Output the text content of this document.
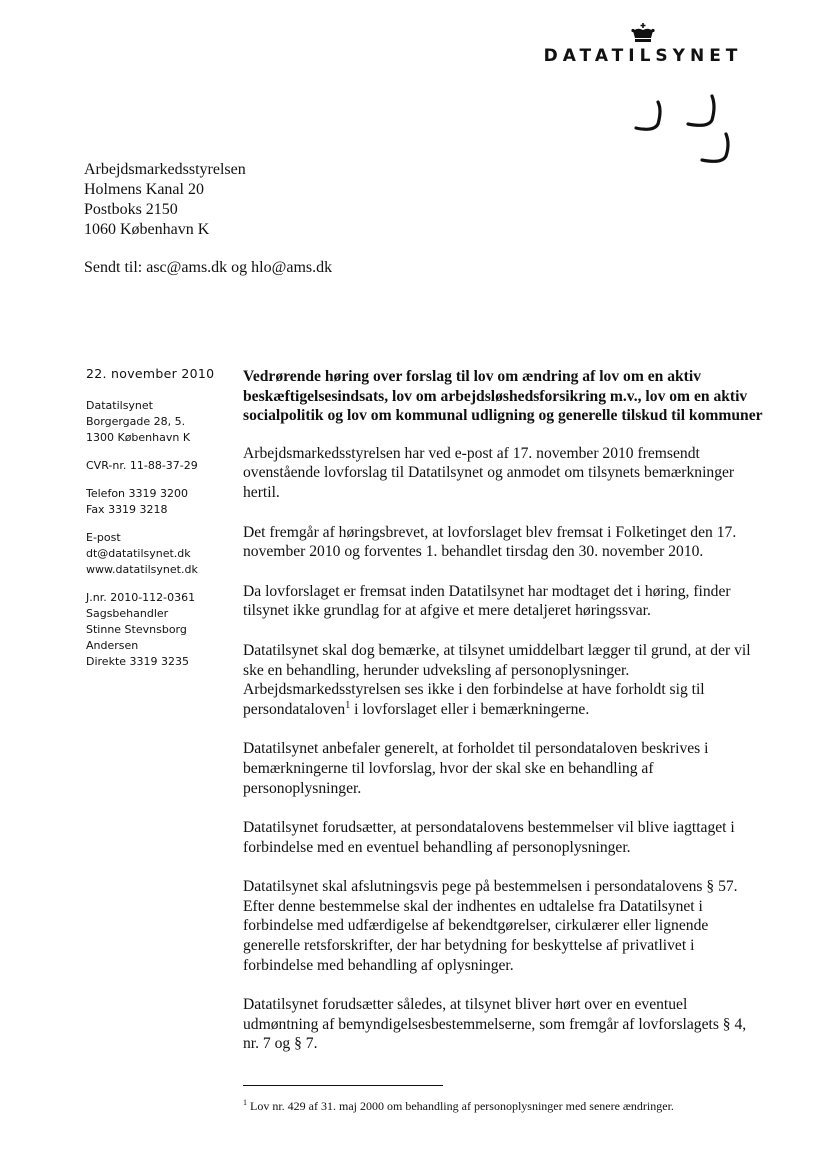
DATATILSYNET
Arbejdsmarkedsstyrelsen
Holmens Kanal 20
Postboks 2150
1060 København K
Sendt til: asc@ams.dk og hlo@ams.dk
22. november 2010
Datatilsynet
Borgergade 28, 5.
1300 København K
CVR-nr. 11-88-37-29
Telefon 3319 3200
Fax 3319 3218
E-post
dt@datatilsynet.dk
www.datatilsynet.dk
J.nr. 2010-112-0361
Sagsbehandler
Stinne Stevnsborg
Andersen
Direkte 3319 3235
Vedrørende høring over forslag til lov om ændring af lov om en aktiv beskæftigelsesindsats, lov om arbejdsløshedsforsikring m.v., lov om en aktiv socialpolitik og lov om kommunal udligning og generelle tilskud til kommuner

Arbejdsmarkedsstyrelsen har ved e-post af 17. november 2010 fremsendt ovenstående lovforslag til Datatilsynet og anmodet om tilsynets bemærkninger hertil.

Det fremgår af høringsbrevet, at lovforslaget blev fremsat i Folketinget den 17. november 2010 og forventes 1. behandlet tirsdag den 30. november 2010.

Da lovforslaget er fremsat inden Datatilsynet har modtaget det i høring, finder tilsynet ikke grundlag for at afgive et mere detaljeret høringssvar.

Datatilsynet skal dog bemærke, at tilsynet umiddelbart lægger til grund, at der vil ske en behandling, herunder udveksling af personoplysninger. Arbejdsmarkedsstyrelsen ses ikke i den forbindelse at have forholdt sig til persondataloven$^1$ i lovforslaget eller i bemærkningerne.

Datatilsynet anbefaler generelt, at forholdet til persondataloven beskrives i bemærkningerne til lovforslag, hvor der skal ske en behandling af personoplysninger.

Datatilsynet forudsætter, at persondatalovens bestemmelser vil blive iagttaget i forbindelse med en eventuel behandling af personoplysninger.

Datatilsynet skal afslutningsvis pege på bestemmelsen i persondatalovens § 57. Efter denne bestemmelse skal der indhentes en udtalelse fra Datatilsynet i forbindelse med udfærdigelse af bekendtgørelser, cirkulærer eller lignende generelle retsforskrifter, der har betydning for beskyttelse af privatlivet i forbindelse med behandling af oplysninger.

Datatilsynet forudsætter således, at tilsynet bliver hørt over en eventuel udmøntning af bemyndigelsesbestemmelserne, som fremgår af lovforslagets § 4, nr. 7 og § 7.

$^1$ Lov nr. 429 af 31. maj 2000 om behandling af personoplysninger med senere ændringer.
